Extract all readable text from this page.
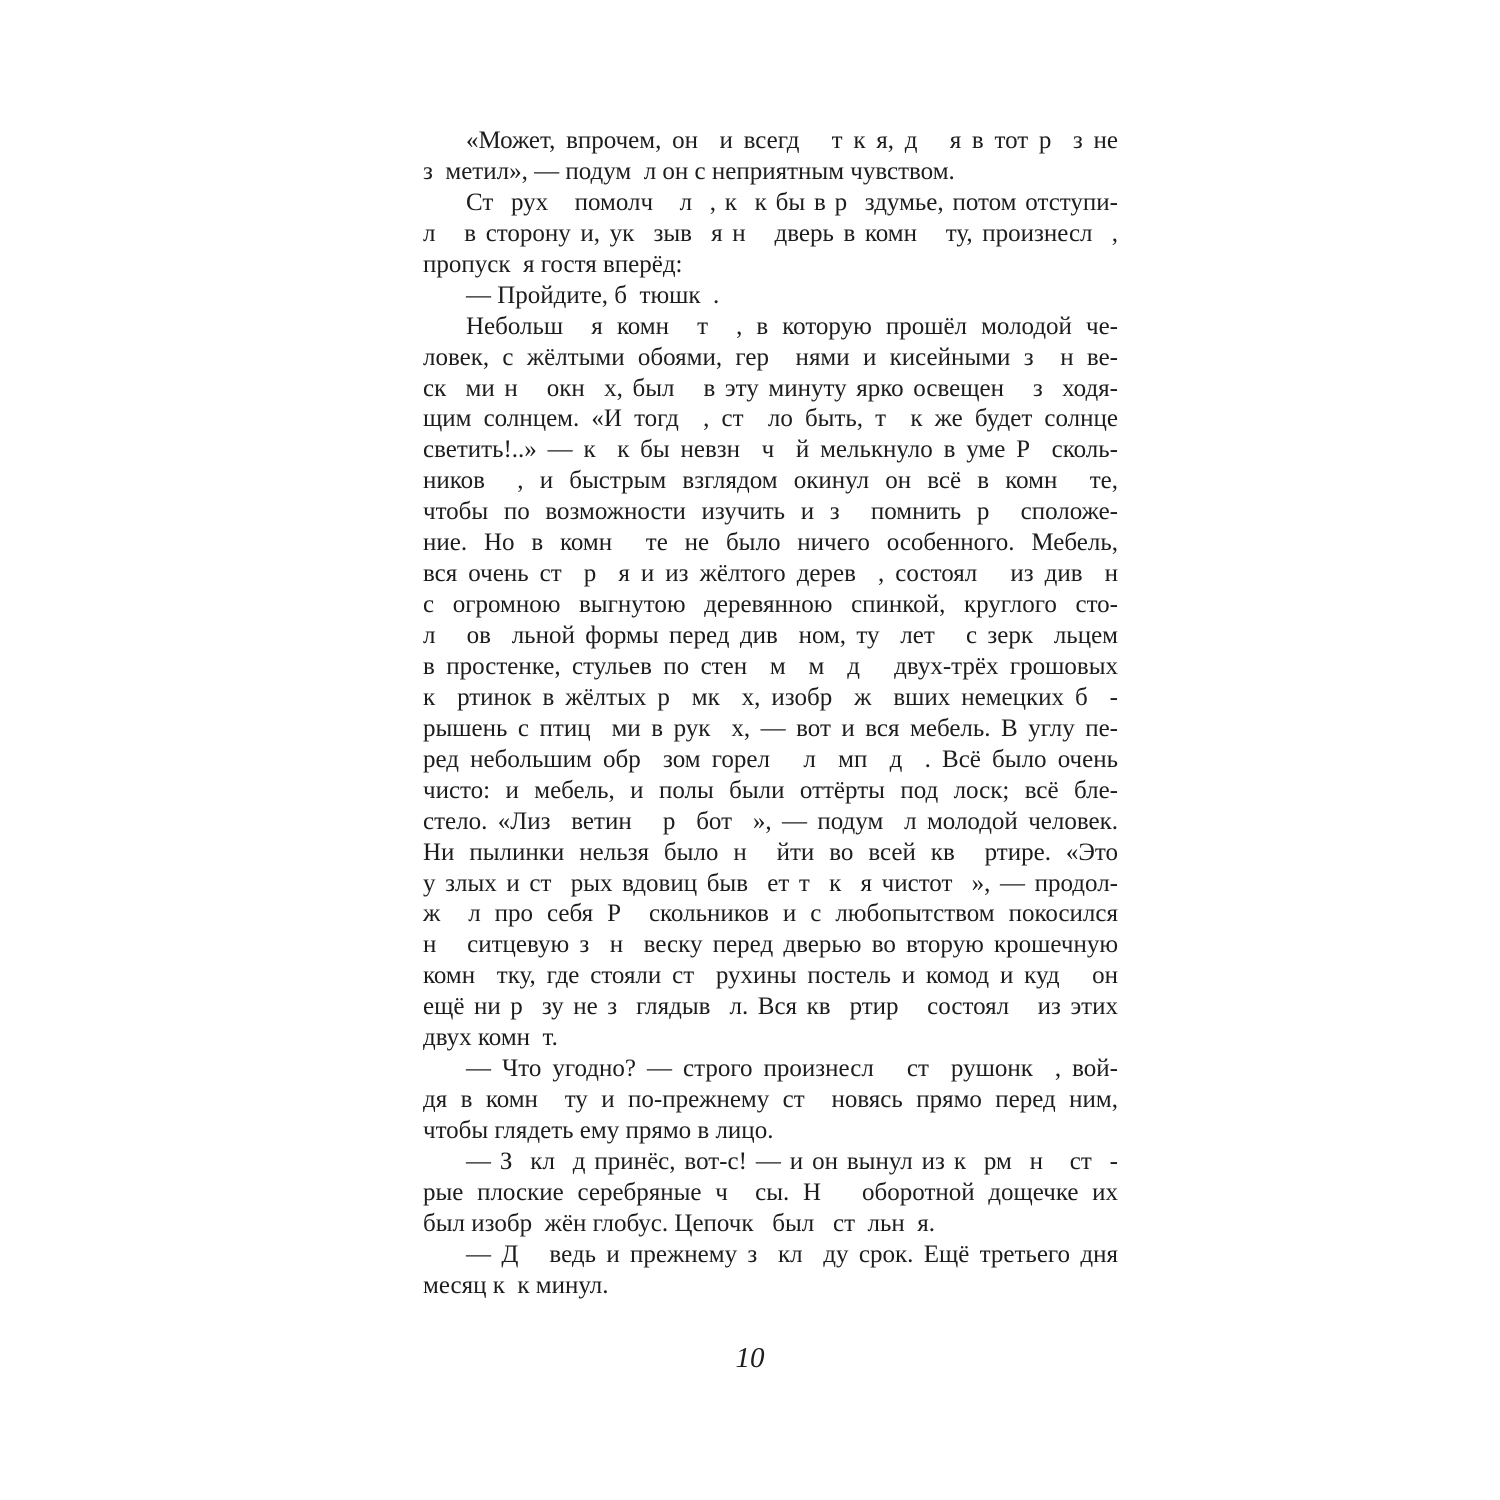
«Может, впрочем, он  и всегд   т к я, д   я в тот р  з не
з  метил», — подум  л он с неприятным чувством.
Ст  рух   помолч   л  , к  к бы в р  здумье, потом отступи-
л   в сторону и, ук  зыв  я н   дверь в комн   ту, произнесл  ,
пропуск  я гостя вперёд:
— Пройдите, б  тюшк  .
Небольш  я комн  т  , в которую прошёл молодой че-
ловек, с жёлтыми обоями, гер  нями и кисейными з  н ве-
ск  ми н   окн  х, был   в эту минуту ярко освещен   з  ходя-
щим солнцем. «И тогд  , ст  ло быть, т  к же будет солнце
светить!..» — к  к бы невзн  ч  й мелькнуло в уме Р  сколь-
ников  , и быстрым взглядом окинул он всё в комн  те,
чтобы по возможности изучить и з  помнить р  сположе-
ние. Но в комн  те не было ничего особенного. Мебель,
вся очень ст  р  я и из жёлтого дерев  , состоял   из див  н
с огромною выгнутою деревянною спинкой, круглого сто-
л   ов  льной формы перед див  ном, ту  лет   с зерк  льцем
в простенке, стульев по стен  м  м  д   двух-трёх грошовых
к  ртинок в жёлтых р  мк  х, изобр  ж  вших немецких б  -
рышень с птиц  ми в рук  х, — вот и вся мебель. В углу пе-
ред небольшим обр  зом горел   л  мп  д  . Всё было очень
чисто: и мебель, и полы были оттёрты под лоск; всё бле-
стело. «Лиз  ветин   р  бот  », — подум  л молодой человек.
Ни пылинки нельзя было н  йти во всей кв  ртире. «Это
у злых и ст  рых вдовиц быв  ет т  к  я чистот  », — продол-
ж  л про себя Р  скольников и с любопытством покосился
н   ситцевую з  н  веску перед дверью во вторую крошечную
комн  тку, где стояли ст  рухины постель и комод и куд   он
ещё ни р  зу не з  глядыв  л. Вся кв  ртир   состоял   из этих
двух комн  т.
— Что угодно? — строго произнесл   ст  рушонк  , вой-
дя в комн  ту и по-прежнему ст  новясь прямо перед ним,
чтобы глядеть ему прямо в лицо.
— З  кл  д принёс, вот-с! — и он вынул из к  рм  н   ст  -
рые плоские серебряные ч  сы. Н   оборотной дощечке их
был изобр  жён глобус. Цепочк   был   ст  льн  я.
— Д   ведь и прежнему з  кл  ду срок. Ещё третьего дня
месяц к  к минул.
10
